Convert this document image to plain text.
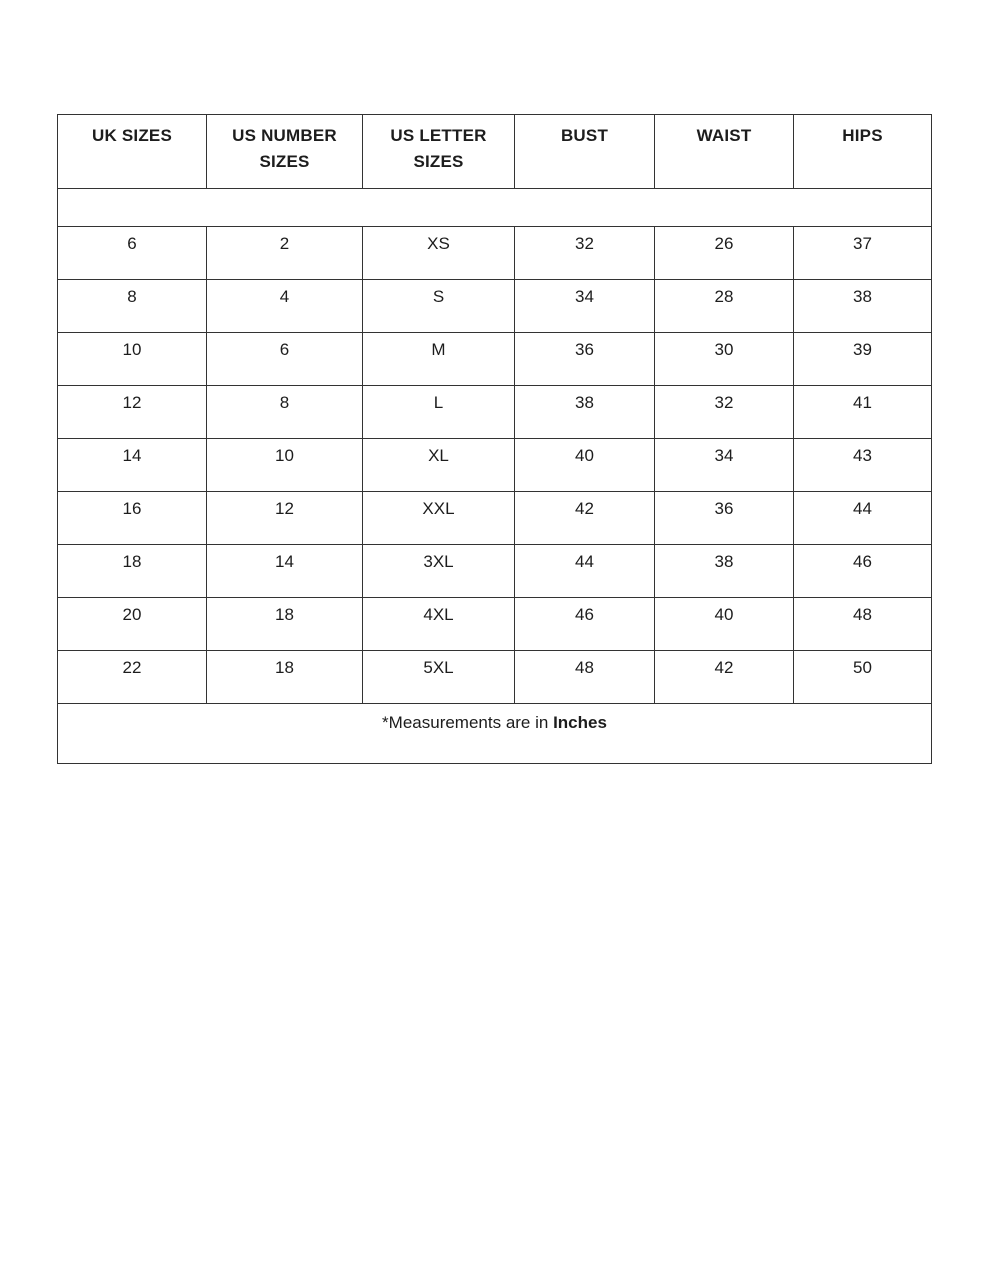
UK SIZES	US NUMBER SIZES	US LETTER SIZES	BUST	WAIST	HIPS

6	2	XS	32	26	37
8	4	S	34	28	38
10	6	M	36	30	39
12	8	L	38	32	41
14	10	XL	40	34	43
16	12	XXL	42	36	44
18	14	3XL	44	38	46
20	18	4XL	46	40	48
22	18	5XL	48	42	50
*Measurements are in Inches					
